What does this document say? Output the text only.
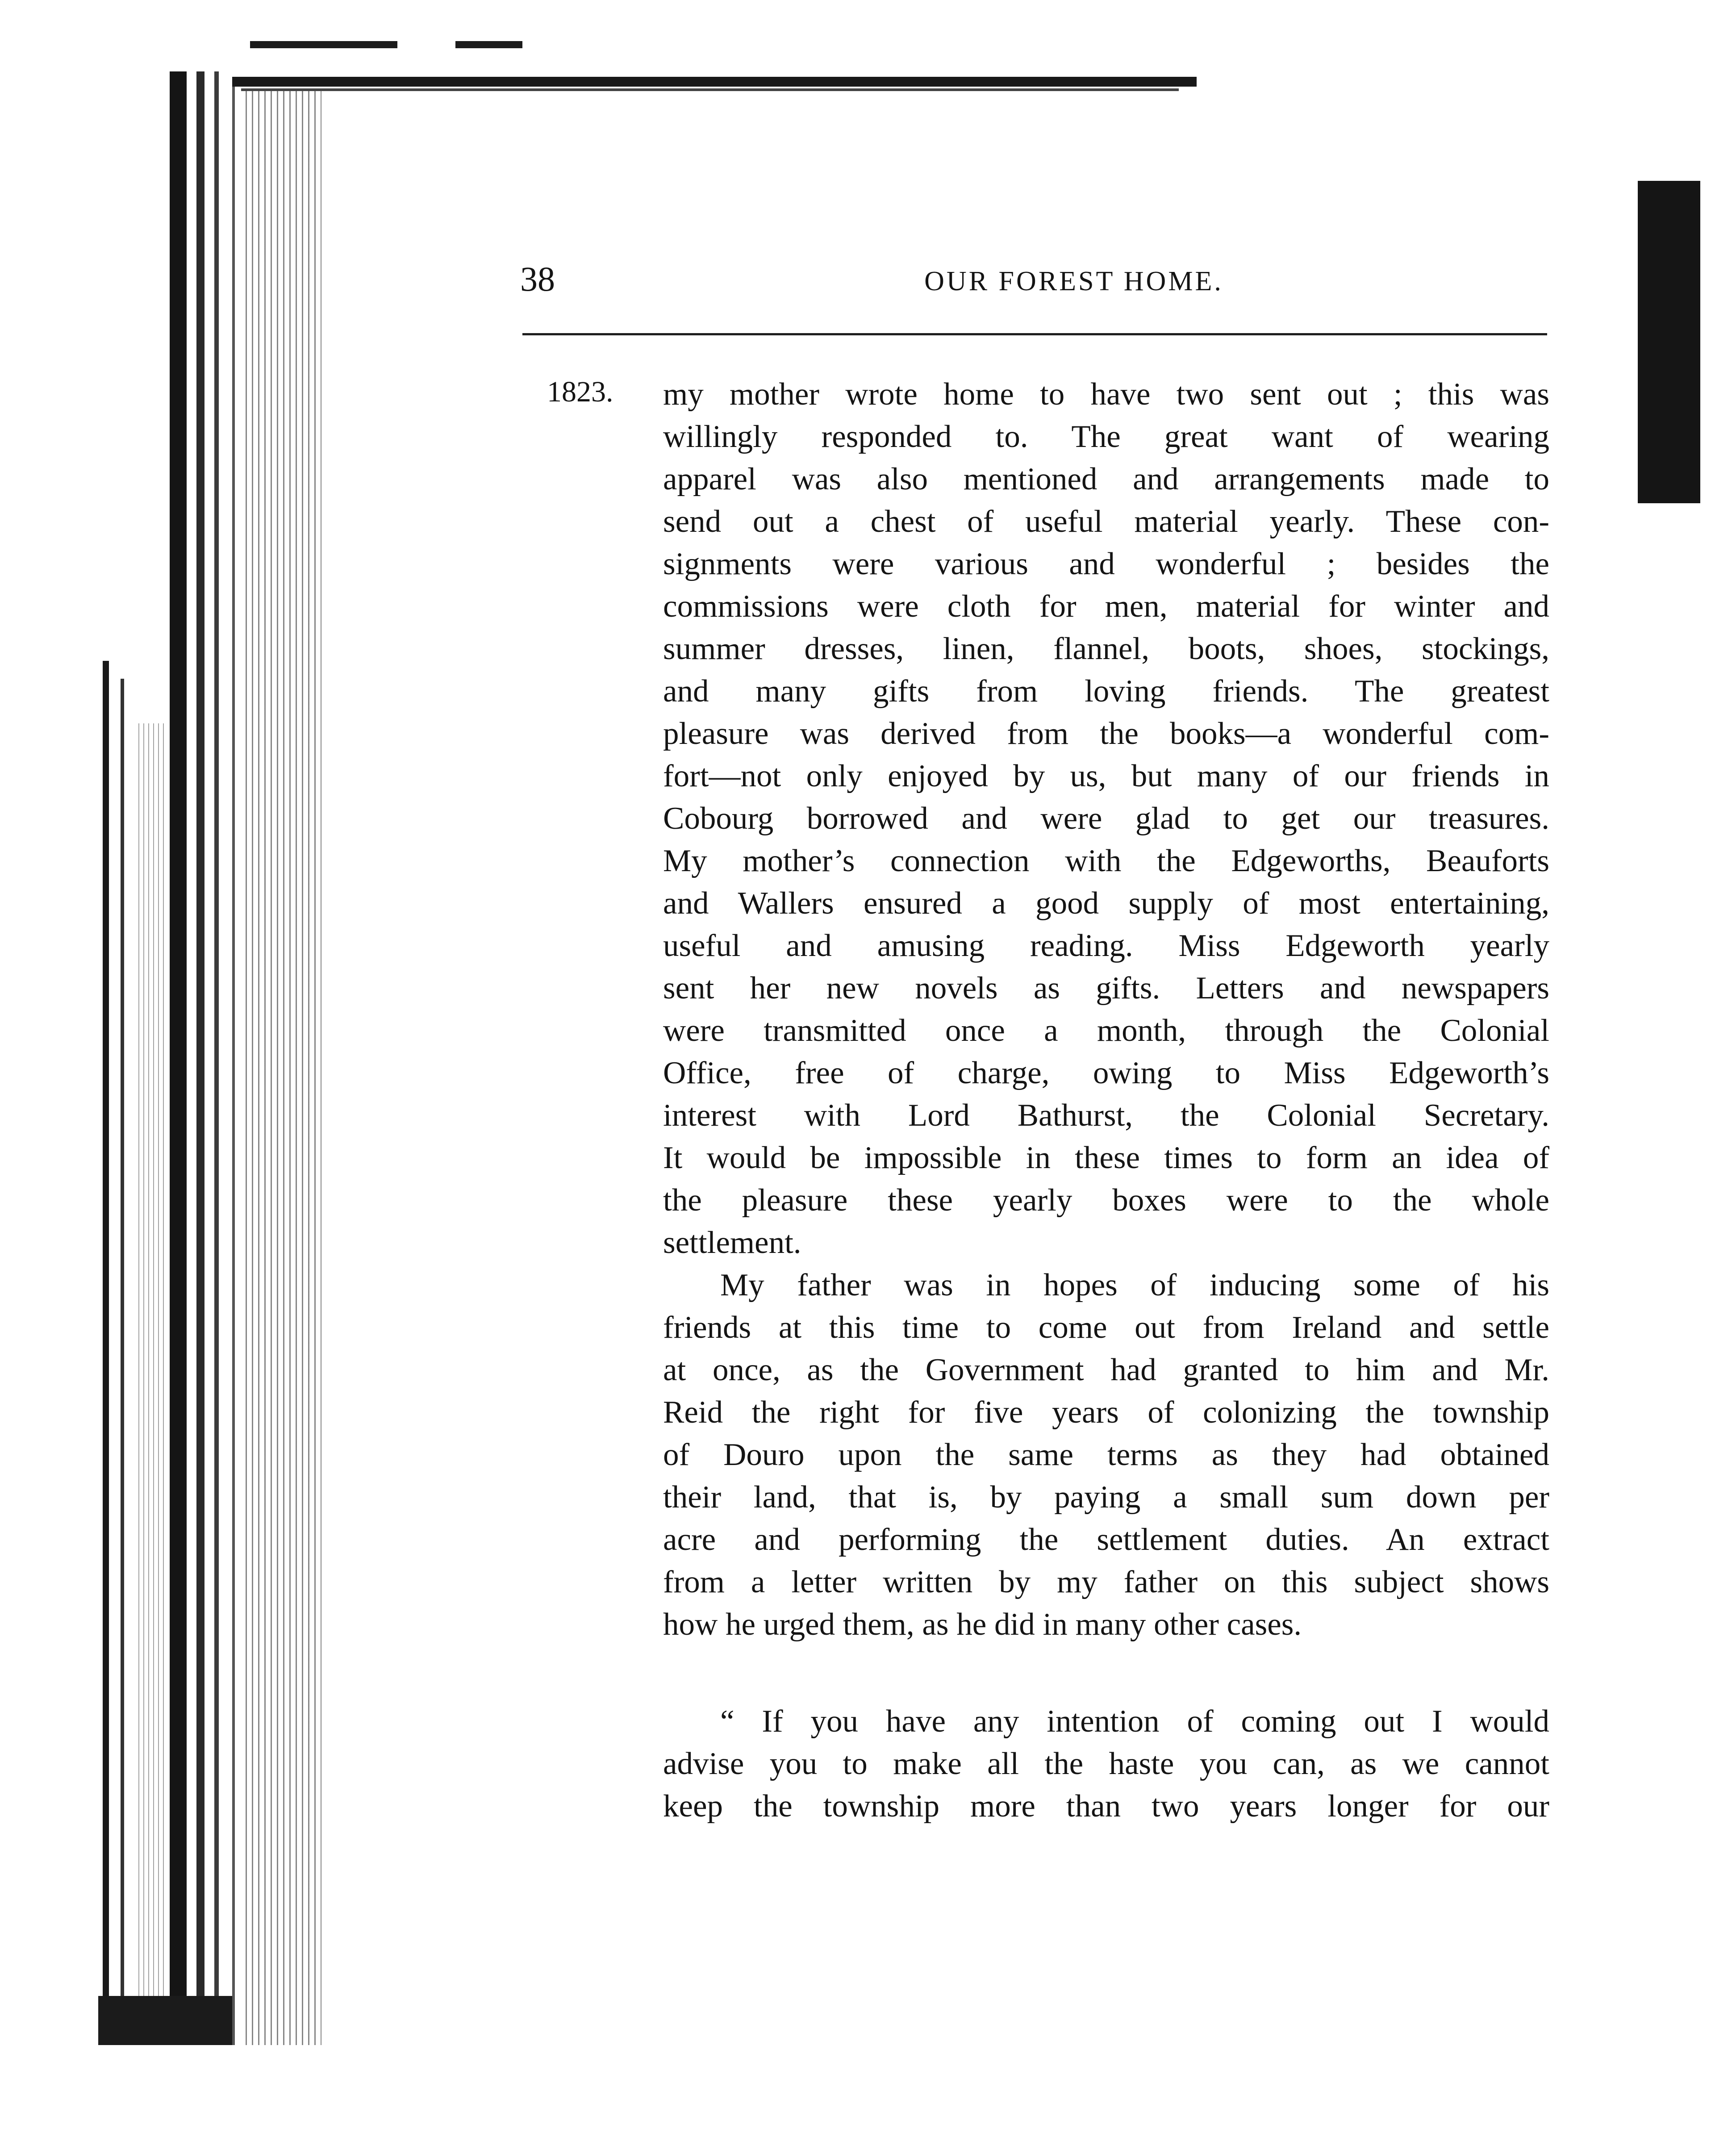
38	OUR FOREST HOME.
1823. my mother wrote home to have two sent out ; this was
willingly responded to. The great want of wearing
apparel was also mentioned and arrangements made to
send out a chest of useful material yearly. These con-
signments were various and wonderful ; besides the
commissions were cloth for men, material for winter and
summer dresses, linen, flannel, boots, shoes, stockings,
and many gifts from loving friends. The greatest
pleasure was derived from the books—a wonderful com-
fort—not only enjoyed by us, but many of our friends in
Cobourg borrowed and were glad to get our treasures.
My mother’s connection with the Edgeworths, Beauforts
and Wallers ensured a good supply of most entertaining,
useful and amusing reading. Miss Edgeworth yearly
sent her new novels as gifts. Letters and newspapers
were transmitted once a month, through the Colonial
Office, free of charge, owing to Miss Edgeworth’s
interest with Lord Bathurst, the Colonial Secretary.
It would be impossible in these times to form an idea of
the pleasure these yearly boxes were to the whole
settlement.
My father was in hopes of inducing some of his
friends at this time to come out from Ireland and settle
at once, as the Government had granted to him and Mr.
Reid the right for five years of colonizing the township
of Douro upon the same terms as they had obtained
their land, that is, by paying a small sum down per
acre and performing the settlement duties. An extract
from a letter written by my father on this subject shows
how he urged them, as he did in many other cases.
“ If you have any intention of coming out I would
advise you to make all the haste you can, as we cannot
keep the township more than two years longer for our
